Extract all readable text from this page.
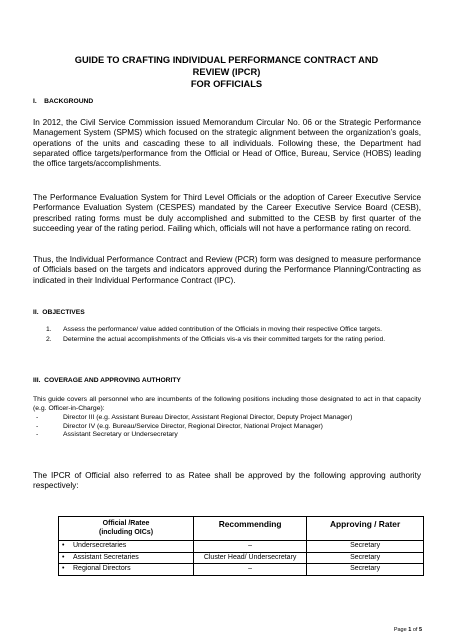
GUIDE TO CRAFTING INDIVIDUAL PERFORMANCE CONTRACT AND
REVIEW (IPCR)
FOR OFFICIALS
I.    BACKGROUND
In 2012, the Civil Service Commission issued Memorandum Circular No. 06 or the Strategic Performance Management System (SPMS) which focused on the strategic alignment between the organization’s goals, operations of the units and cascading these to all individuals. Following these, the Department had separated office targets/performance from the Official or Head of Office, Bureau, Service (HOBS) leading the office targets/accomplishments.
The Performance Evaluation System for Third Level Officials or the adoption of Career Executive Service Performance Evaluation System (CESPES) mandated by the Career Executive Service Board (CESB), prescribed rating forms must be duly accomplished and submitted to the CESB by first quarter of the succeeding year of the rating period. Failing which, officials will not have a performance rating on record.
Thus, the Individual Performance Contract and Review (PCR) form was designed to measure performance of Officials based on the targets and indicators approved during the Performance Planning/Contracting as indicated in their Individual Performance Contract (IPC).
II.  OBJECTIVES
1. Assess the performance/ value added contribution of the Officials in moving their respective Office targets.
2. Determine the actual accomplishments of the Officials vis-a vis their committed targets for the rating period.
III.  COVERAGE AND APPROVING AUTHORITY
This guide covers all personnel who are incumbents of the following positions including those designated to act in that capacity (e.g. Officer-in-Charge):
-	Director III (e.g. Assistant Bureau Director, Assistant Regional Director, Deputy Project Manager)
-	Director IV (e.g. Bureau/Service Director, Regional Director, National Project Manager)
-	Assistant Secretary or Undersecretary
The IPCR of Official also referred to as Ratee shall be approved by the following approving authority respectively:
Official /Ratee
(including OICs)	Recommending	Approving / Rater
• Undersecretaries	–	Secretary
• Assistant Secretaries	Cluster Head/ Undersecretary	Secretary
• Regional Directors	–	Secretary
Page 1 of 5
